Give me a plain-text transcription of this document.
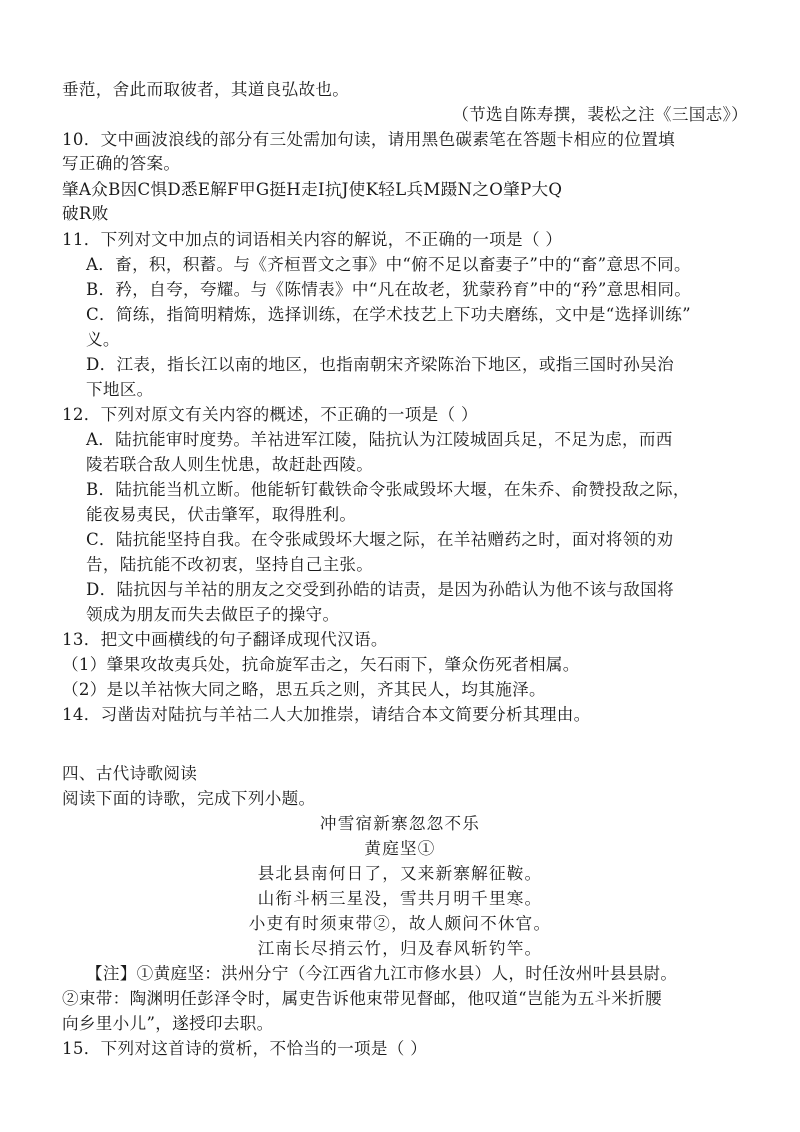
垂范，舍此而取彼者，其道良弘故也。
（节选自陈寿撰，裴松之注《三国志》）
10．文中画波浪线的部分有三处需加句读，请用黑色碳素笔在答题卡相应的位置填
写正确的答案。
肇A众B因C惧D悉E解F甲G挺H走I抗J使K轻L兵M蹑N之O肇P大Q
破R败
11．下列对文中加点的词语相关内容的解说，不正确的一项是（ ）
A．畜，积，积蓄。与《齐桓晋文之事》中“俯不足以畜妻子”中的“畜”意思不同。
B．矜，自夸，夸耀。与《陈情表》中“凡在故老，犹蒙矜育”中的“矜”意思相同。
C．简练，指简明精炼，选择训练，在学术技艺上下功夫磨练，文中是“选择训练”
义。
D．江表，指长江以南的地区，也指南朝宋齐梁陈治下地区，或指三国时孙吴治
下地区。
12．下列对原文有关内容的概述，不正确的一项是（ ）
A．陆抗能审时度势。羊祜进军江陵，陆抗认为江陵城固兵足，不足为虑，而西
陵若联合敌人则生忧患，故赶赴西陵。
B．陆抗能当机立断。他能斩钉截铁命令张咸毁坏大堰，在朱乔、俞赞投敌之际，
能夜易夷民，伏击肇军，取得胜利。
C．陆抗能坚持自我。在令张咸毁坏大堰之际，在羊祜赠药之时，面对将领的劝
告，陆抗能不改初衷，坚持自己主张。
D．陆抗因与羊祜的朋友之交受到孙皓的诘责，是因为孙皓认为他不该与敌国将
领成为朋友而失去做臣子的操守。
13．把文中画横线的句子翻译成现代汉语。
（1）肇果攻故夷兵处，抗命旋军击之，矢石雨下，肇众伤死者相属。
（2）是以羊祜恢大同之略，思五兵之则，齐其民人，均其施泽。
14．习凿齿对陆抗与羊祜二人大加推崇，请结合本文简要分析其理由。
四、古代诗歌阅读
阅读下面的诗歌，完成下列小题。
冲雪宿新寨忽忽不乐
黄庭坚①
县北县南何日了，又来新寨解征鞍。
山衔斗柄三星没，雪共月明千里寒。
小吏有时须束带②，故人颇问不休官。
江南长尽捎云竹，归及春风斩钓竿。
【注】①黄庭坚：洪州分宁（今江西省九江市修水县）人，时任汝州叶县县尉。
②束带：陶渊明任彭泽令时，属吏告诉他束带见督邮，他叹道“岂能为五斗米折腰
向乡里小儿”，遂授印去职。
15．下列对这首诗的赏析，不恰当的一项是（ ）
